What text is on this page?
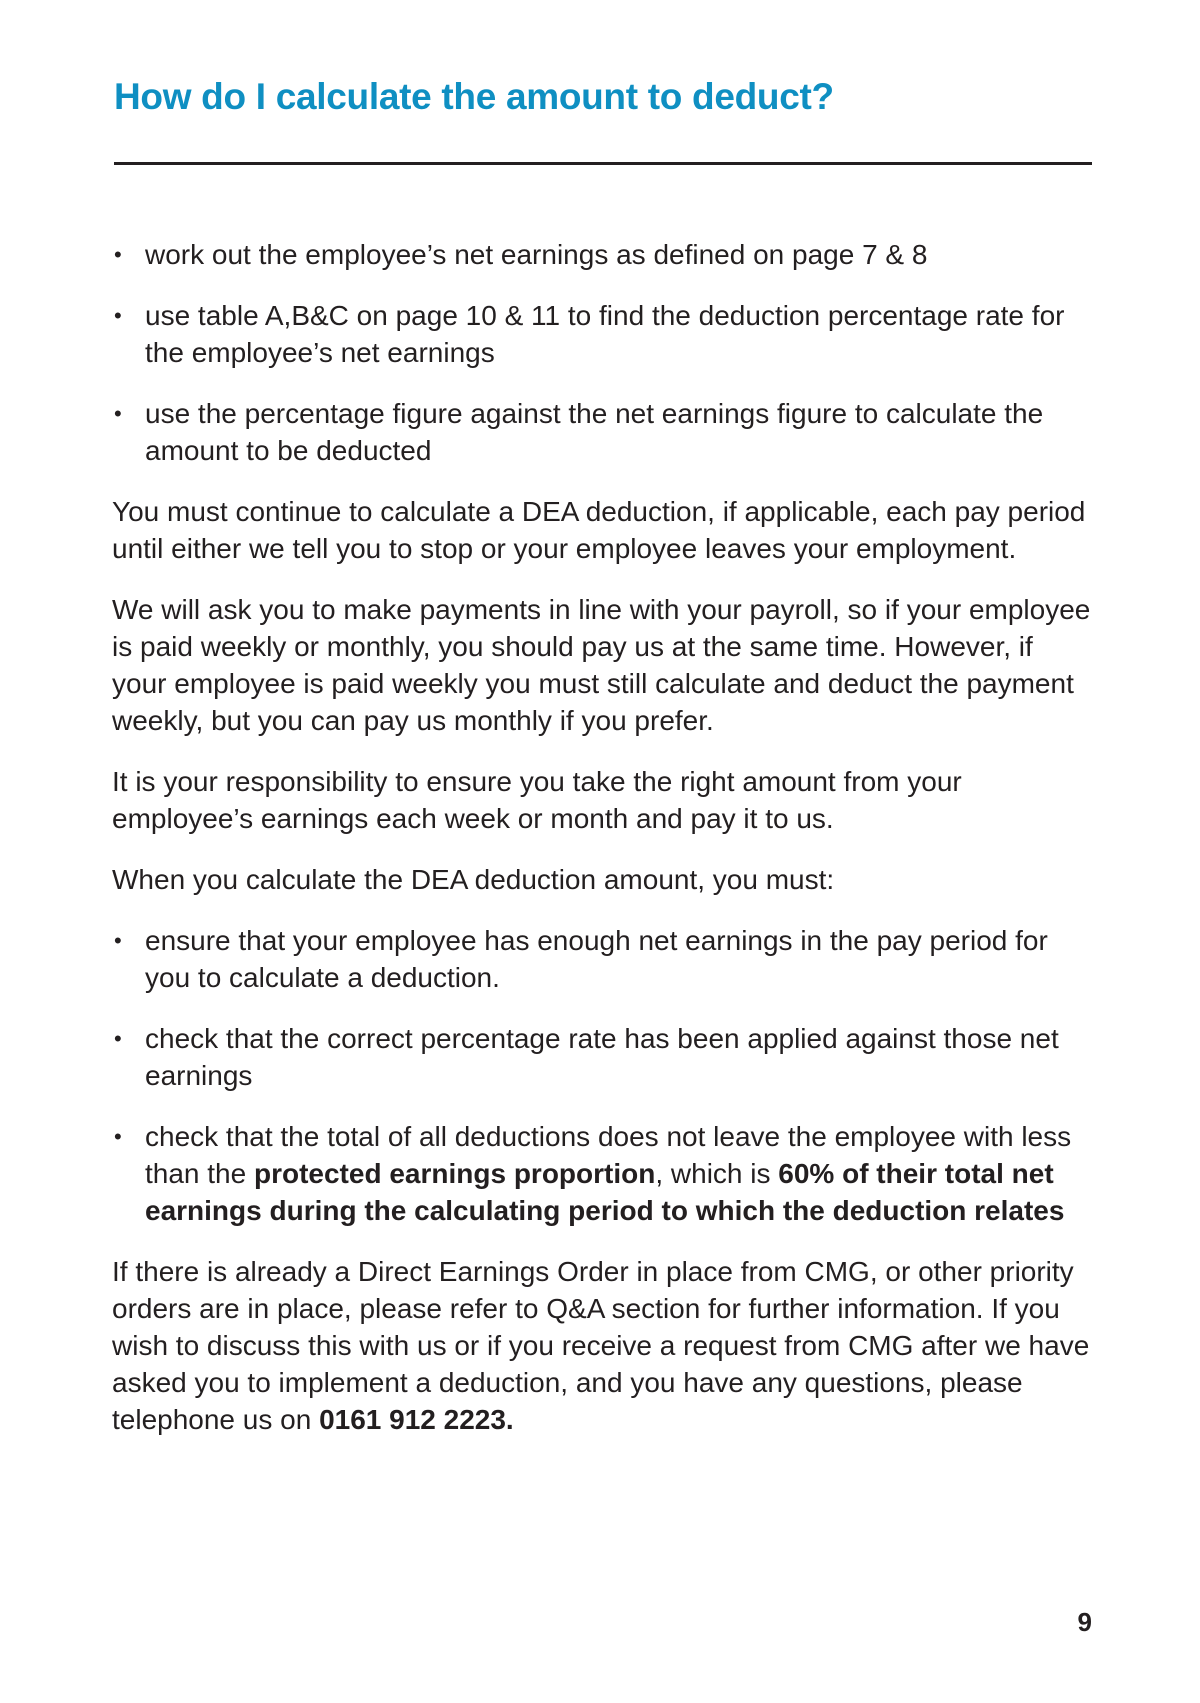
How do I calculate the amount to deduct?
• work out the employee’s net earnings as defined on page 7 & 8
• use table A,B&C on page 10 & 11 to find the deduction percentage rate for the employee’s net earnings
• use the percentage figure against the net earnings figure to calculate the amount to be deducted

You must continue to calculate a DEA deduction, if applicable, each pay period until either we tell you to stop or your employee leaves your employment.

We will ask you to make payments in line with your payroll, so if your employee is paid weekly or monthly, you should pay us at the same time. However, if your employee is paid weekly you must still calculate and deduct the payment weekly, but you can pay us monthly if you prefer.

It is your responsibility to ensure you take the right amount from your employee’s earnings each week or month and pay it to us.

When you calculate the DEA deduction amount, you must:

• ensure that your employee has enough net earnings in the pay period for you to calculate a deduction.
• check that the correct percentage rate has been applied against those net earnings
• check that the total of all deductions does not leave the employee with less than the protected earnings proportion, which is 60% of their total net earnings during the calculating period to which the deduction relates

If there is already a Direct Earnings Order in place from CMG, or other priority orders are in place, please refer to Q&A section for further information. If you wish to discuss this with us or if you receive a request from CMG after we have asked you to implement a deduction, and you have any questions, please telephone us on 0161 912 2223.

9
